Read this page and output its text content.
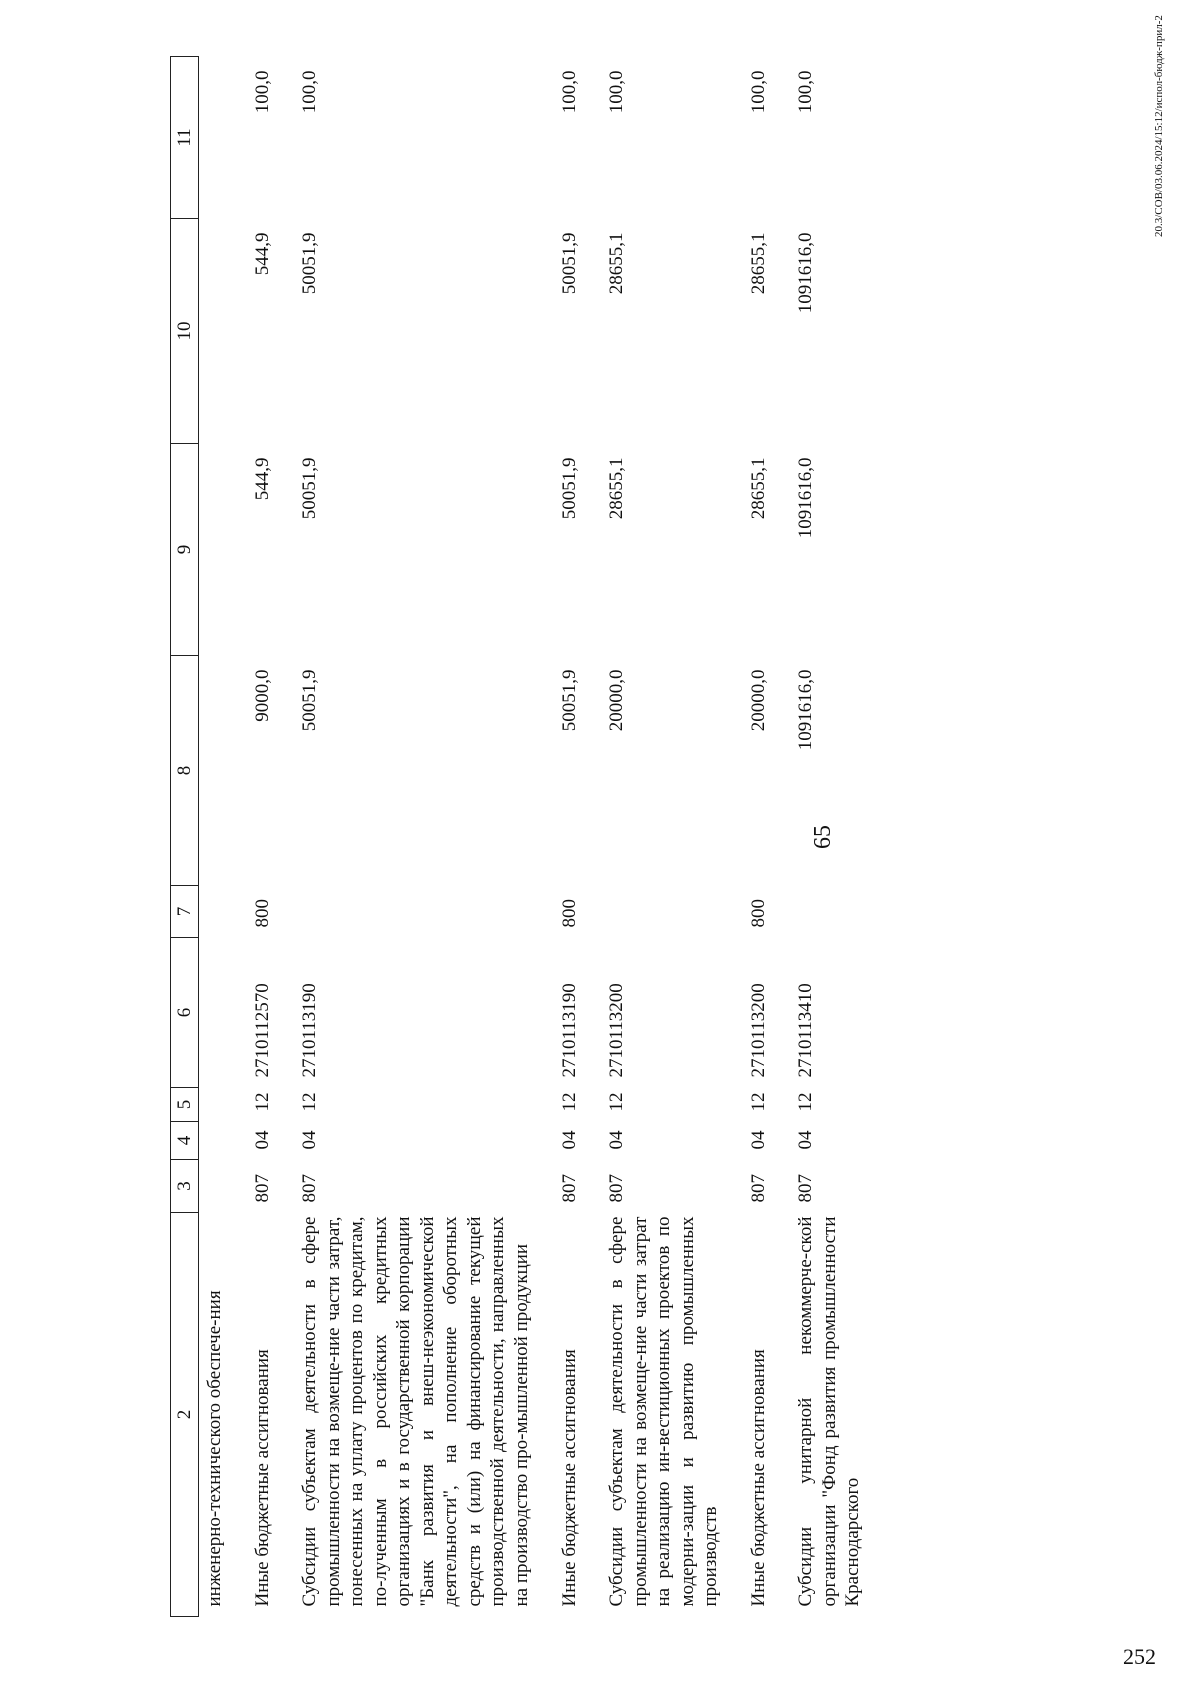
65
2	3	4	5	6	7	8	9	10	11
инженерно-технического обеспече-ния									
Иные бюджетные ассигнования	807	04	12	2710112570	800	9000,0	544,9	544,9	100,0
Субсидии субъектам деятельности в сфере промышленности на возмеще-ние части затрат, понесенных на уплату процентов по кредитам, по-лученным в российских кредитных организациях и в государственной корпорации "Банк развития и внеш-неэкономической деятельности", на пополнение оборотных средств и (или) на финансирование текущей производственной деятельности, направленных на производство про-мышленной продукции	807	04	12	2710113190		50051,9	50051,9	50051,9	100,0
Иные бюджетные ассигнования	807	04	12	2710113190	800	50051,9	50051,9	50051,9	100,0
Субсидии субъектам деятельности в сфере промышленности на возмеще-ние части затрат на реализацию ин-вестиционных проектов по модерни-зации и развитию промышленных производств	807	04	12	2710113200		20000,0	28655,1	28655,1	100,0
Иные бюджетные ассигнования	807	04	12	2710113200	800	20000,0	28655,1	28655,1	100,0
Субсидии унитарной некоммерче-ской организации "Фонд развития промышленности Краснодарского	807	04	12	2710113410		1091616,0	1091616,0	1091616,0	100,0	20.3/СОВ/03.06.2024/15:12/испол-бюдж-прил-2
252
